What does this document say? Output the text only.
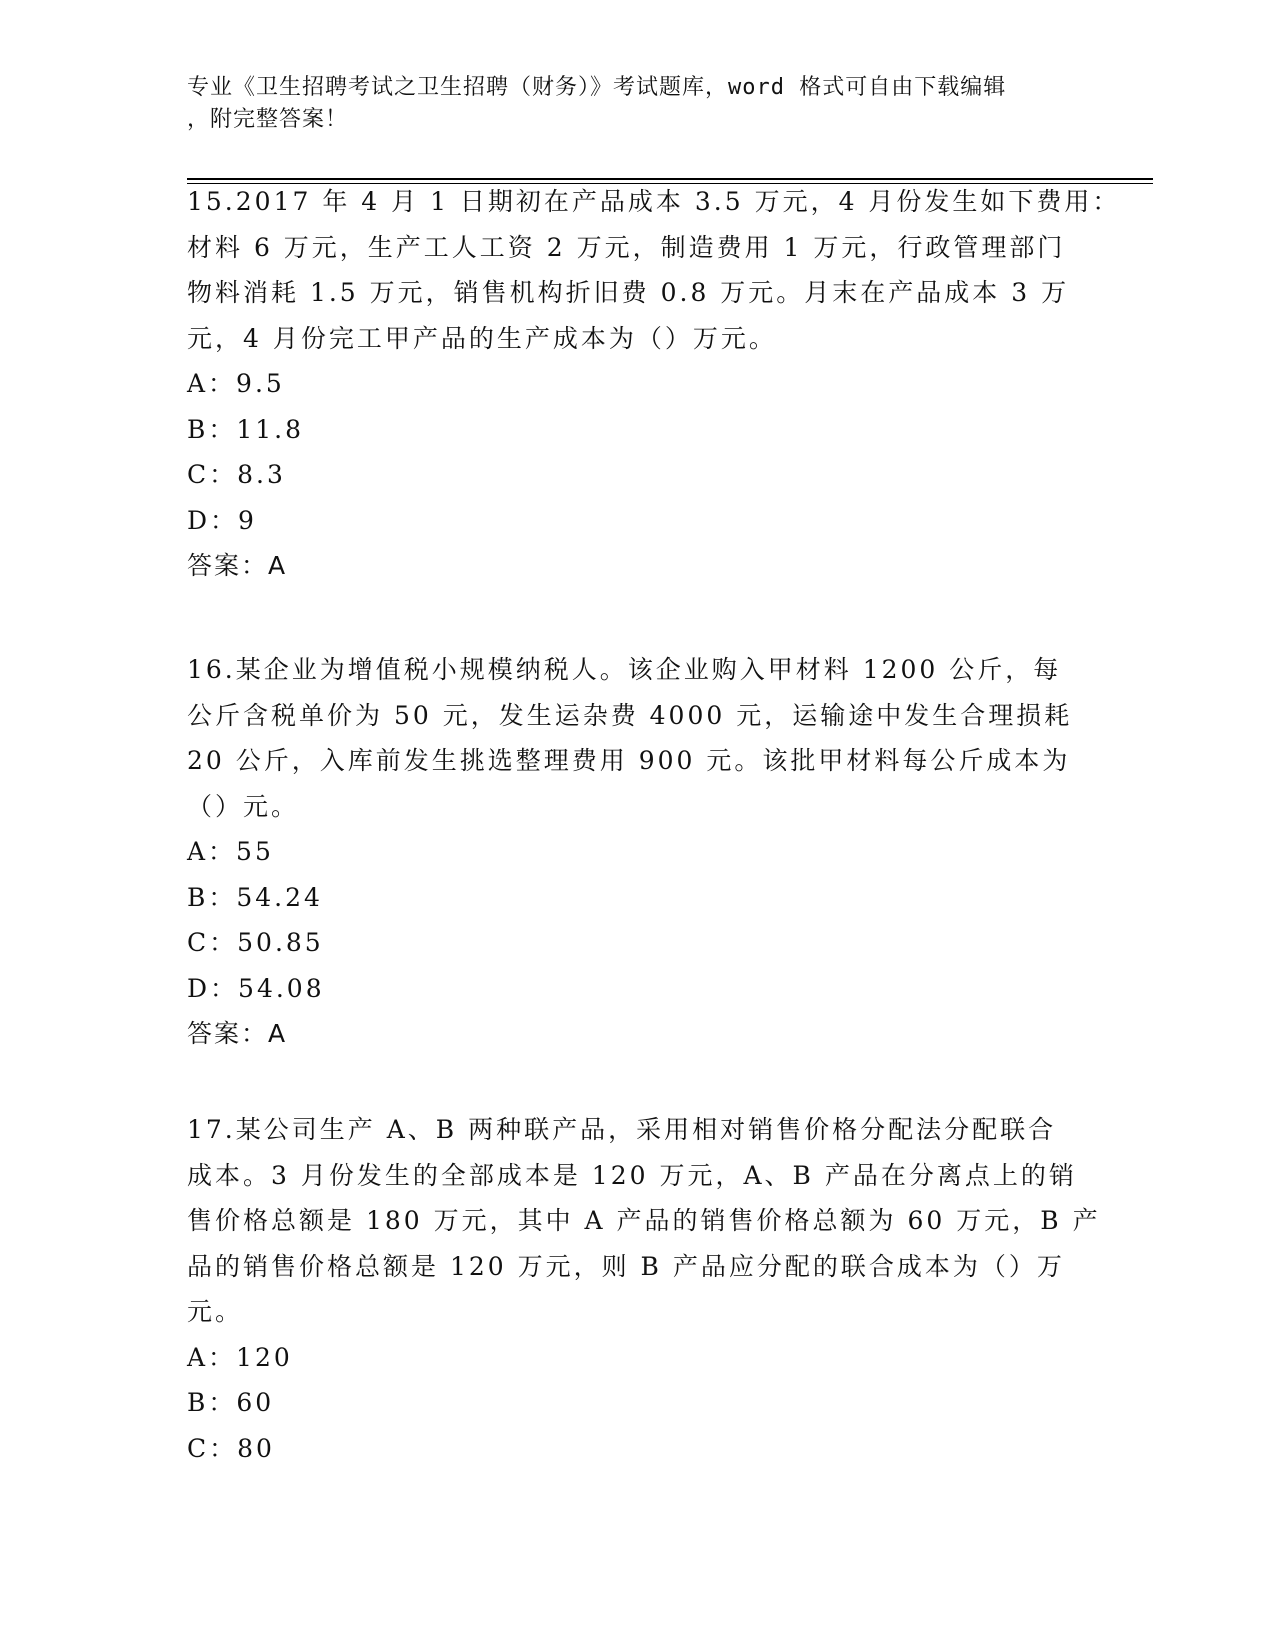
专业《卫生招聘考试之卫生招聘（财务）》考试题库，word 格式可自由下载编辑
，附完整答案！
15.2017 年 4 月 1 日期初在产品成本 3.5 万元，4 月份发生如下费用：
材料 6 万元，生产工人工资 2 万元，制造费用 1 万元，行政管理部门
物料消耗 1.5 万元，销售机构折旧费 0.8 万元。月末在产品成本 3 万
元，4 月份完工甲产品的生产成本为（）万元。
A：9.5
B：11.8
C：8.3
D：9
答案：A
16.某企业为增值税小规模纳税人。该企业购入甲材料 1200 公斤，每
公斤含税单价为 50 元，发生运杂费 4000 元，运输途中发生合理损耗
20 公斤，入库前发生挑选整理费用 900 元。该批甲材料每公斤成本为
（）元。
A：55
B：54.24
C：50.85
D：54.08
答案：A
17.某公司生产 A、B 两种联产品，采用相对销售价格分配法分配联合
成本。3 月份发生的全部成本是 120 万元，A、B 产品在分离点上的销
售价格总额是 180 万元，其中 A 产品的销售价格总额为 60 万元，B 产
品的销售价格总额是 120 万元，则 B 产品应分配的联合成本为（）万
元。
A：120
B：60
C：80
